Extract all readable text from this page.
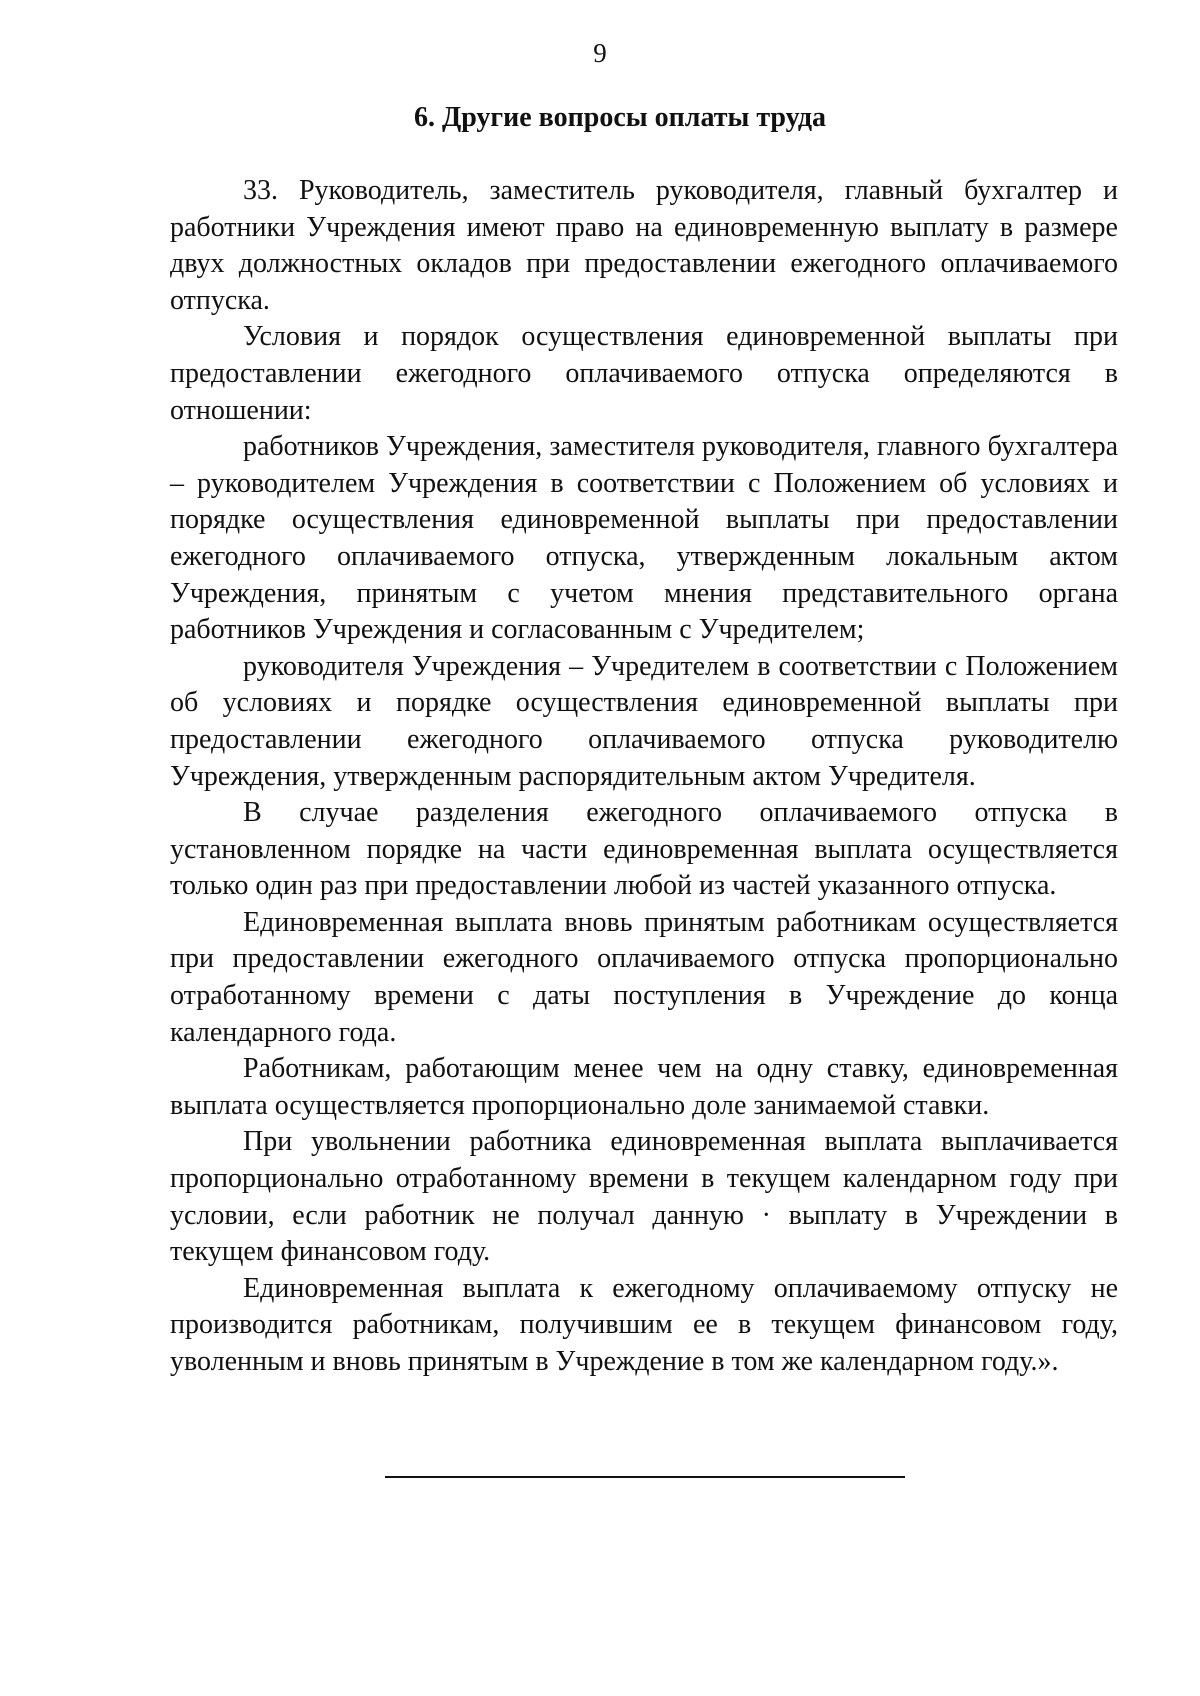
9
6. Другие вопросы оплаты труда

33. Руководитель, заместитель руководителя, главный бухгалтер и работники Учреждения имеют право на единовременную выплату в размере двух должностных окладов при предоставлении ежегодного оплачиваемого отпуска.

Условия и порядок осуществления единовременной выплаты при предоставлении ежегодного оплачиваемого отпуска определяются в отношении:

работников Учреждения, заместителя руководителя, главного бухгалтера – руководителем Учреждения в соответствии с Положением об условиях и порядке осуществления единовременной выплаты при предоставлении ежегодного оплачиваемого отпуска, утвержденным локальным актом Учреждения, принятым с учетом мнения представительного органа работников Учреждения и согласованным с Учредителем;

руководителя Учреждения – Учредителем в соответствии с Положением об условиях и порядке осуществления единовременной выплаты при предоставлении ежегодного оплачиваемого отпуска руководителю Учреждения, утвержденным распорядительным актом Учредителя.

В случае разделения ежегодного оплачиваемого отпуска в установленном порядке на части единовременная выплата осуществляется только один раз при предоставлении любой из частей указанного отпуска.

Единовременная выплата вновь принятым работникам осуществляется при предоставлении ежегодного оплачиваемого отпуска пропорционально отработанному времени с даты поступления в Учреждение до конца календарного года.

Работникам, работающим менее чем на одну ставку, единовременная выплата осуществляется пропорционально доле занимаемой ставки.

При увольнении работника единовременная выплата выплачивается пропорционально отработанному времени в текущем календарном году при условии, если работник не получал данную · выплату в Учреждении в текущем финансовом году.

Единовременная выплата к ежегодному оплачиваемому отпуску не производится работникам, получившим ее в текущем финансовом году, уволенным и вновь принятым в Учреждение в том же календарном году.».
